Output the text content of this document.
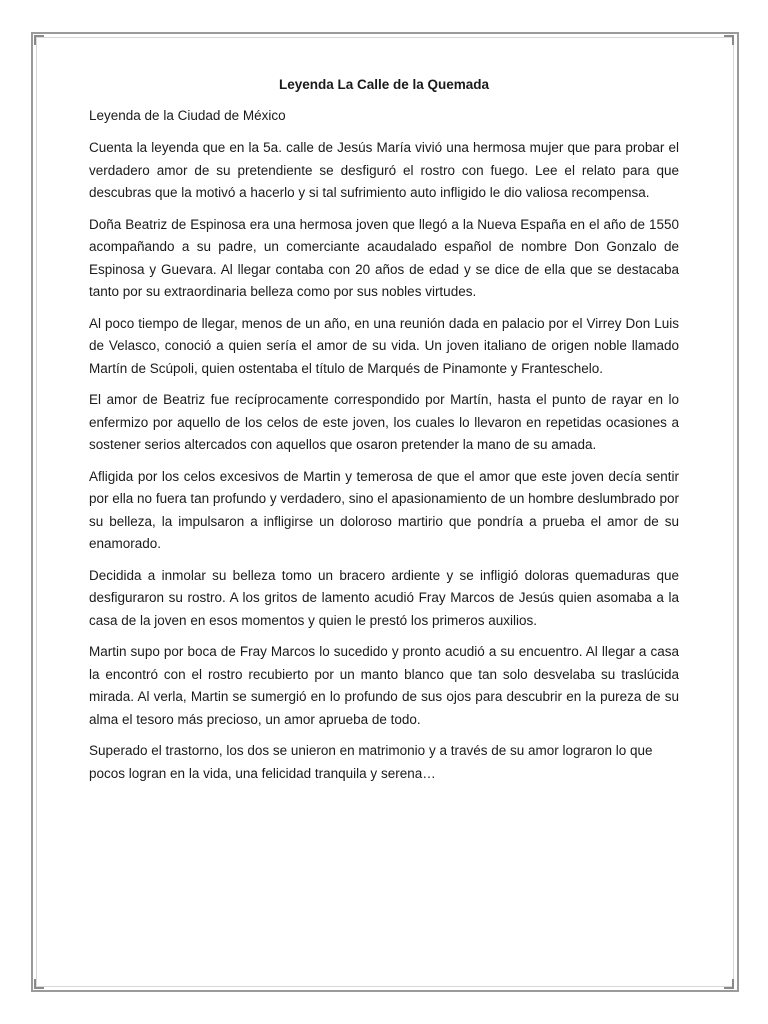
Leyenda La Calle de la Quemada

Leyenda de la Ciudad de México

Cuenta la leyenda que en la 5a. calle de Jesús María vivió una hermosa mujer que para probar el verdadero amor de su pretendiente se desfiguró el rostro con fuego. Lee el relato para que descubras que la motivó a hacerlo y si tal sufrimiento auto infligido le dio valiosa recompensa.

Doña Beatriz de Espinosa era una hermosa joven que llegó a la Nueva España en el año de 1550 acompañando a su padre, un comerciante acaudalado español de nombre Don Gonzalo de Espinosa y Guevara. Al llegar contaba con 20 años de edad y se dice de ella que se destacaba tanto por su extraordinaria belleza como por sus nobles virtudes.

Al poco tiempo de llegar, menos de un año, en una reunión dada en palacio por el Virrey Don Luis de Velasco, conoció a quien sería el amor de su vida. Un joven italiano de origen noble llamado Martín de Scúpoli, quien ostentaba el título de Marqués de Pinamonte y Franteschelo.

El amor de Beatriz fue recíprocamente correspondido por Martín, hasta el punto de rayar en lo enfermizo por aquello de los celos de este joven, los cuales lo llevaron en repetidas ocasiones a sostener serios altercados con aquellos que osaron pretender la mano de su amada.

Afligida por los celos excesivos de Martin y temerosa de que el amor que este joven decía sentir por ella no fuera tan profundo y verdadero, sino el apasionamiento de un hombre deslumbrado por su belleza, la impulsaron a infligirse un doloroso martirio que pondría a prueba el amor de su enamorado.

Decidida a inmolar su belleza tomo un bracero ardiente y se infligió doloras quemaduras que desfiguraron su rostro. A los gritos de lamento acudió Fray Marcos de Jesús quien asomaba a la casa de la joven en esos momentos y quien le prestó los primeros auxilios.

Martin supo por boca de Fray Marcos lo sucedido y pronto acudió a su encuentro. Al llegar a casa la encontró con el rostro recubierto por un manto blanco que tan solo desvelaba su traslúcida mirada. Al verla, Martin se sumergió en lo profundo de sus ojos para descubrir en la pureza de su alma el tesoro más precioso, un amor aprueba de todo.

Superado el trastorno, los dos se unieron en matrimonio y a través de su amor lograron lo que pocos logran en la vida, una felicidad tranquila y serena…
